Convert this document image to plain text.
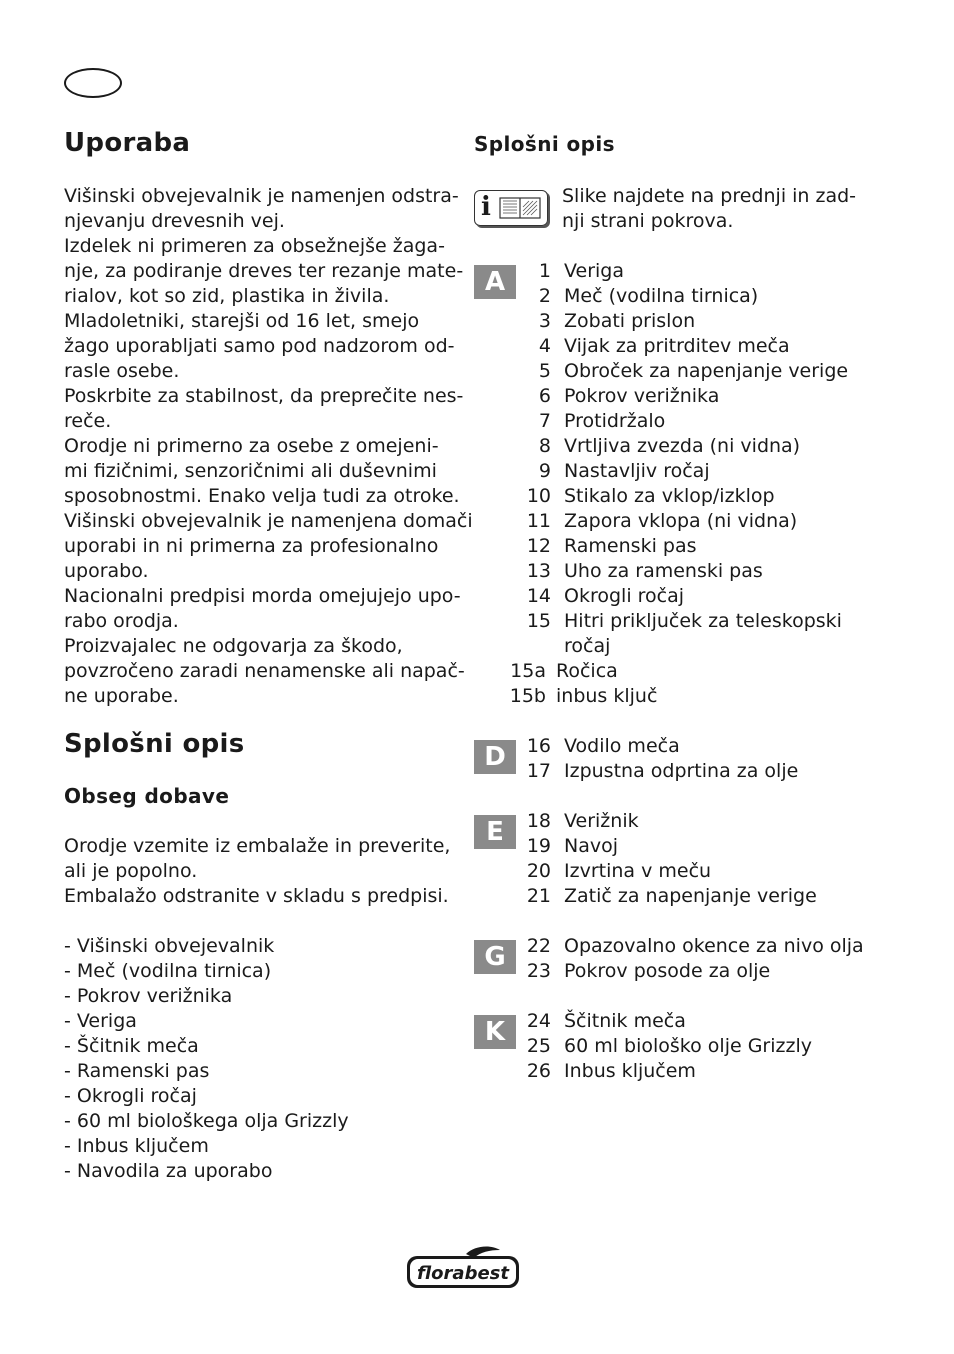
Uporaba
Višinski obvejevalnik je namenjen odstra-
njevanju drevesnih vej.
Izdelek ni primeren za obsežnejše žaga-
nje, za podiranje dreves ter rezanje mate-
rialov, kot so zid, plastika in živila.
Mladoletniki, starejši od 16 let, smejo
žago uporabljati samo pod nadzorom od-
rasle osebe.
Poskrbite za stabilnost, da preprečite nes-
reče.
Orodje ni primerno za osebe z omejeni-
mi fizičnimi, senzoričnimi ali duševnimi
sposobnostmi. Enako velja tudi za otroke.
Višinski obvejevalnik je namenjena domači
uporabi in ni primerna za profesionalno
uporabo.
Nacionalni predpisi morda omejujejo upo-
rabo orodja.
Proizvajalec ne odgovarja za škodo,
povzročeno zaradi nenamenske ali napač-
ne uporabe.
Splošni opis
Obseg dobave
Orodje vzemite iz embalaže in preverite,
ali je popolno.
Embalažo odstranite v skladu s predpisi.
- Višinski obvejevalnik
- Meč (vodilna tirnica)
- Pokrov verižnika
- Veriga
- Ščitnik meča
- Ramenski pas
- Okrogli ročaj
- 60 ml biološkega olja Grizzly
- Inbus ključem
- Navodila za uporabo
Splošni opis
i	Slike najdete na prednji in zad-
nji strani pokrova.
A	1 Veriga
2 Meč (vodilna tirnica)
3 Zobati prislon
4 Vijak za pritrditev meča
5 Obroček za napenjanje verige
6 Pokrov verižnika
7 Protidržalo
8 Vrtljiva zvezda (ni vidna)
9 Nastavljiv ročaj
10 Stikalo za vklop/izklop
11 Zapora vklopa (ni vidna)
12 Ramenski pas
13 Uho za ramenski pas
14 Okrogli ročaj
15 Hitri priključek za teleskopski
ročaj
15a Ročica
15b inbus ključ
D	16 Vodilo meča
17 Izpustna odprtina za olje
E	18 Verižnik
19 Navoj
20 Izvrtina v meču
21 Zatič za napenjanje verige
G	22 Opazovalno okence za nivo olja
23 Pokrov posode za olje
K	24 Ščitnik meča
25 60 ml biološko olje Grizzly
26 Inbus ključem
florabest
